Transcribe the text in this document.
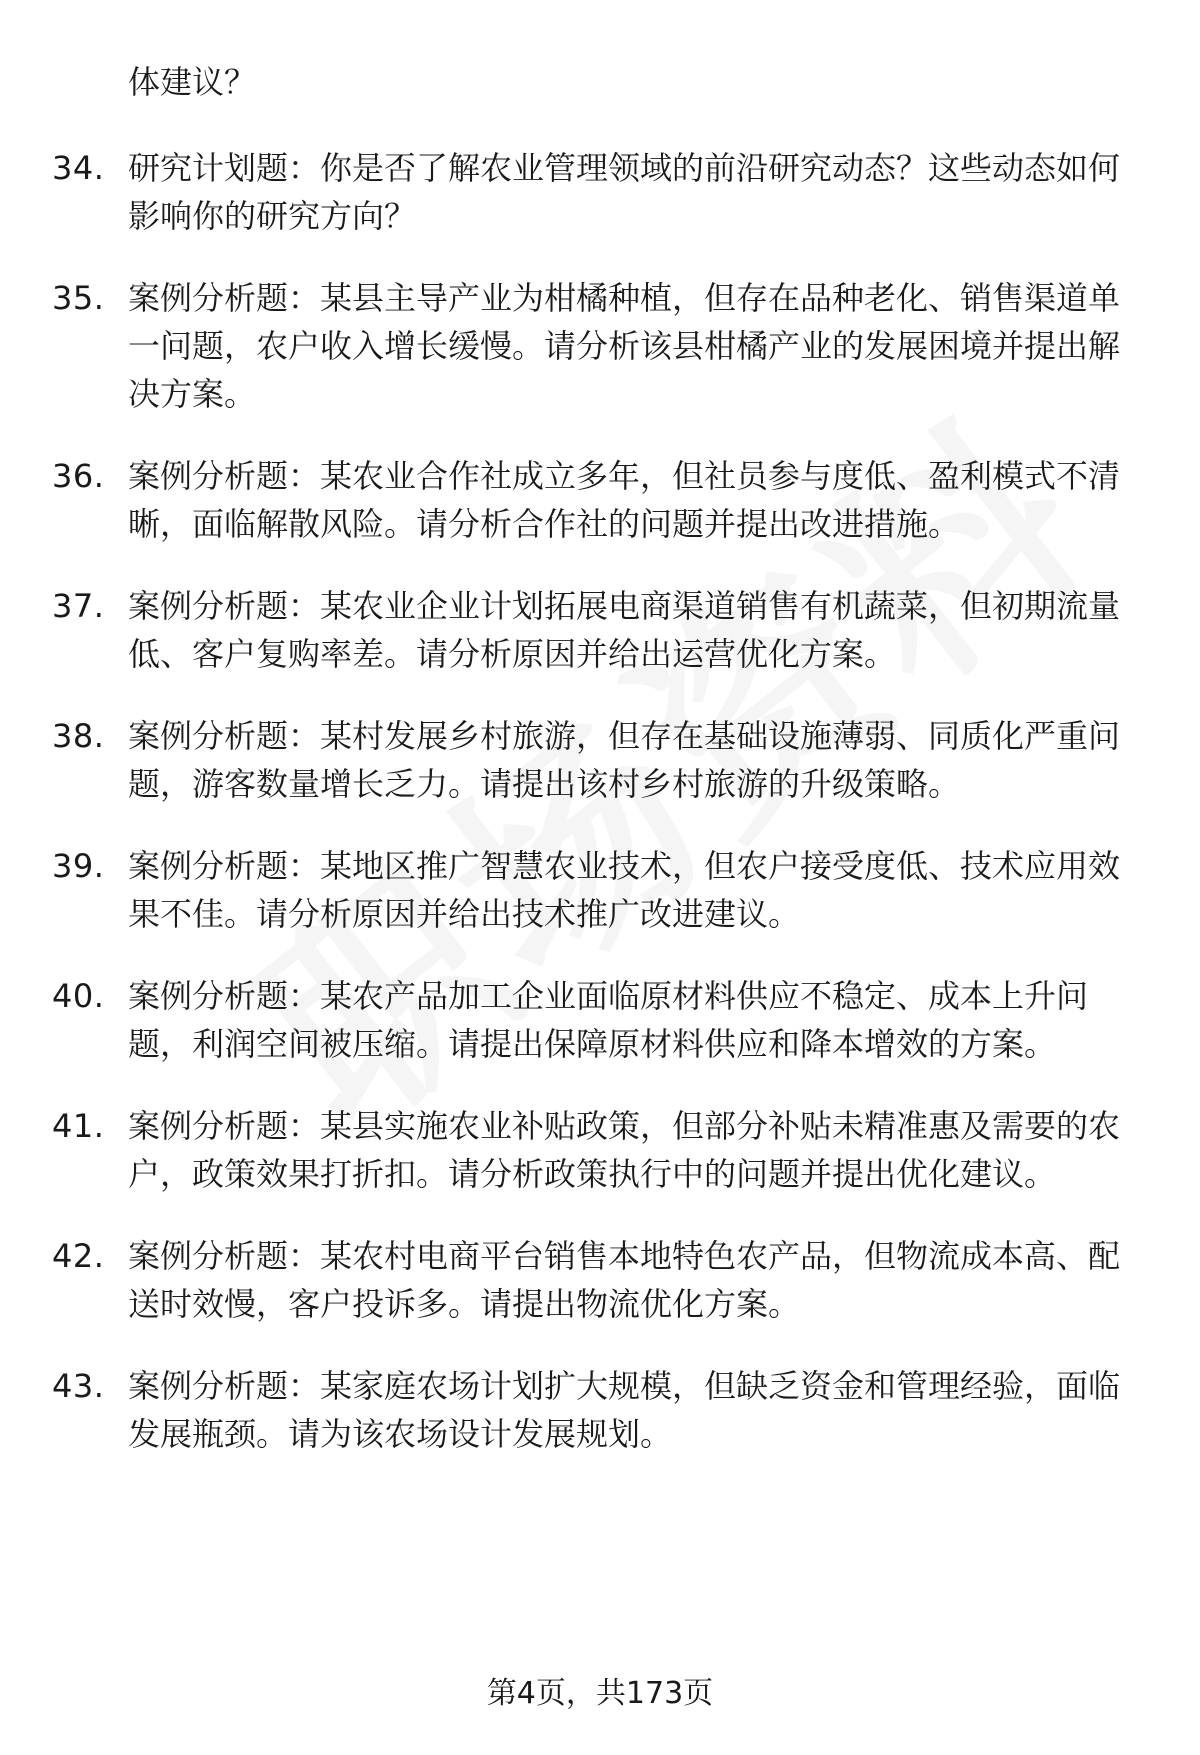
体建议？
34. 研究计划题：你是否了解农业管理领域的前沿研究动态？这些动态如何影响你的研究方向？
35. 案例分析题：某县主导产业为柑橘种植，但存在品种老化、销售渠道单一问题，农户收入增长缓慢。请分析该县柑橘产业的发展困境并提出解决方案。
36. 案例分析题：某农业合作社成立多年，但社员参与度低、盈利模式不清晰，面临解散风险。请分析合作社的问题并提出改进措施。
37. 案例分析题：某农业企业计划拓展电商渠道销售有机蔬菜，但初期流量低、客户复购率差。请分析原因并给出运营优化方案。
38. 案例分析题：某村发展乡村旅游，但存在基础设施薄弱、同质化严重问题，游客数量增长乏力。请提出该村乡村旅游的升级策略。
39. 案例分析题：某地区推广智慧农业技术，但农户接受度低、技术应用效果不佳。请分析原因并给出技术推广改进建议。
40. 案例分析题：某农产品加工企业面临原材料供应不稳定、成本上升问题，利润空间被压缩。请提出保障原材料供应和降本增效的方案。
41. 案例分析题：某县实施农业补贴政策，但部分补贴未精准惠及需要的农户，政策效果打折扣。请分析政策执行中的问题并提出优化建议。
42. 案例分析题：某农村电商平台销售本地特色农产品，但物流成本高、配送时效慢，客户投诉多。请提出物流优化方案。
43. 案例分析题：某家庭农场计划扩大规模，但缺乏资金和管理经验，面临发展瓶颈。请为该农场设计发展规划。
第4页，共173页
